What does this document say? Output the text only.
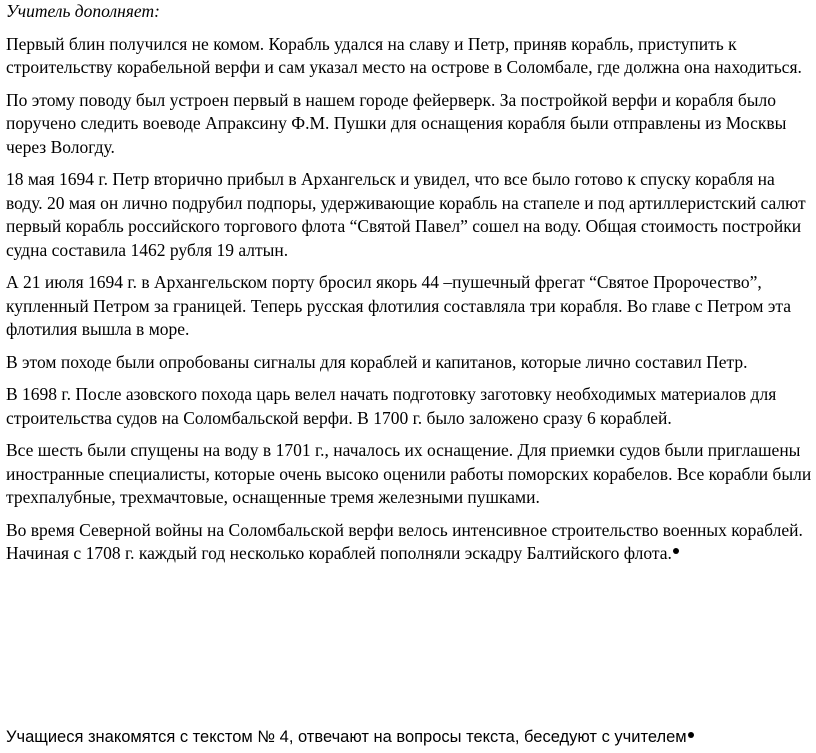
Учитель дополняет:

Первый блин получился не комом. Корабль удался на славу и Петр, приняв корабль, приступить к строительству корабельной верфи и сам указал место на острове в Соломбале, где должна она находиться.

По этому поводу был устроен первый в нашем городе фейерверк. За постройкой верфи и корабля было поручено следить воеводе Апраксину Ф.М. Пушки для оснащения корабля были отправлены из Москвы через Вологду.

18 мая 1694 г. Петр вторично прибыл в Архангельск и увидел, что все было готово к спуску корабля на воду. 20 мая он лично подрубил подпоры, удерживающие корабль на стапеле и под артиллеристский салют первый корабль российского торгового флота “Святой Павел” сошел на воду. Общая стоимость постройки судна составила 1462 рубля 19 алтын.

А 21 июля 1694 г. в Архангельском порту бросил якорь 44 –пушечный фрегат “Святое Пророчество”, купленный Петром за границей. Теперь русская флотилия составляла три корабля. Во главе с Петром эта флотилия вышла в море.

В этом походе были опробованы сигналы для кораблей и капитанов, которые лично составил Петр.

В 1698 г. После азовского похода царь велел начать подготовку заготовку необходимых материалов для строительства судов на Соломбальской верфи. В 1700 г. было заложено сразу 6 кораблей.

Все шесть были спущены на воду в 1701 г., началось их оснащение. Для приемки судов были приглашены иностранные специалисты, которые очень высоко оценили работы поморских корабелов. Все корабли были трехпалубные, трехмачтовые, оснащенные тремя железными пушками.

Во время Северной войны на Соломбальской верфи велось интенсивное строительство военных кораблей. Начиная с 1708 г. каждый год несколько кораблей пополняли эскадру Балтийского флота.

Учащиеся знакомятся с текстом № 4, отвечают на вопросы текста, беседуют с учителем
